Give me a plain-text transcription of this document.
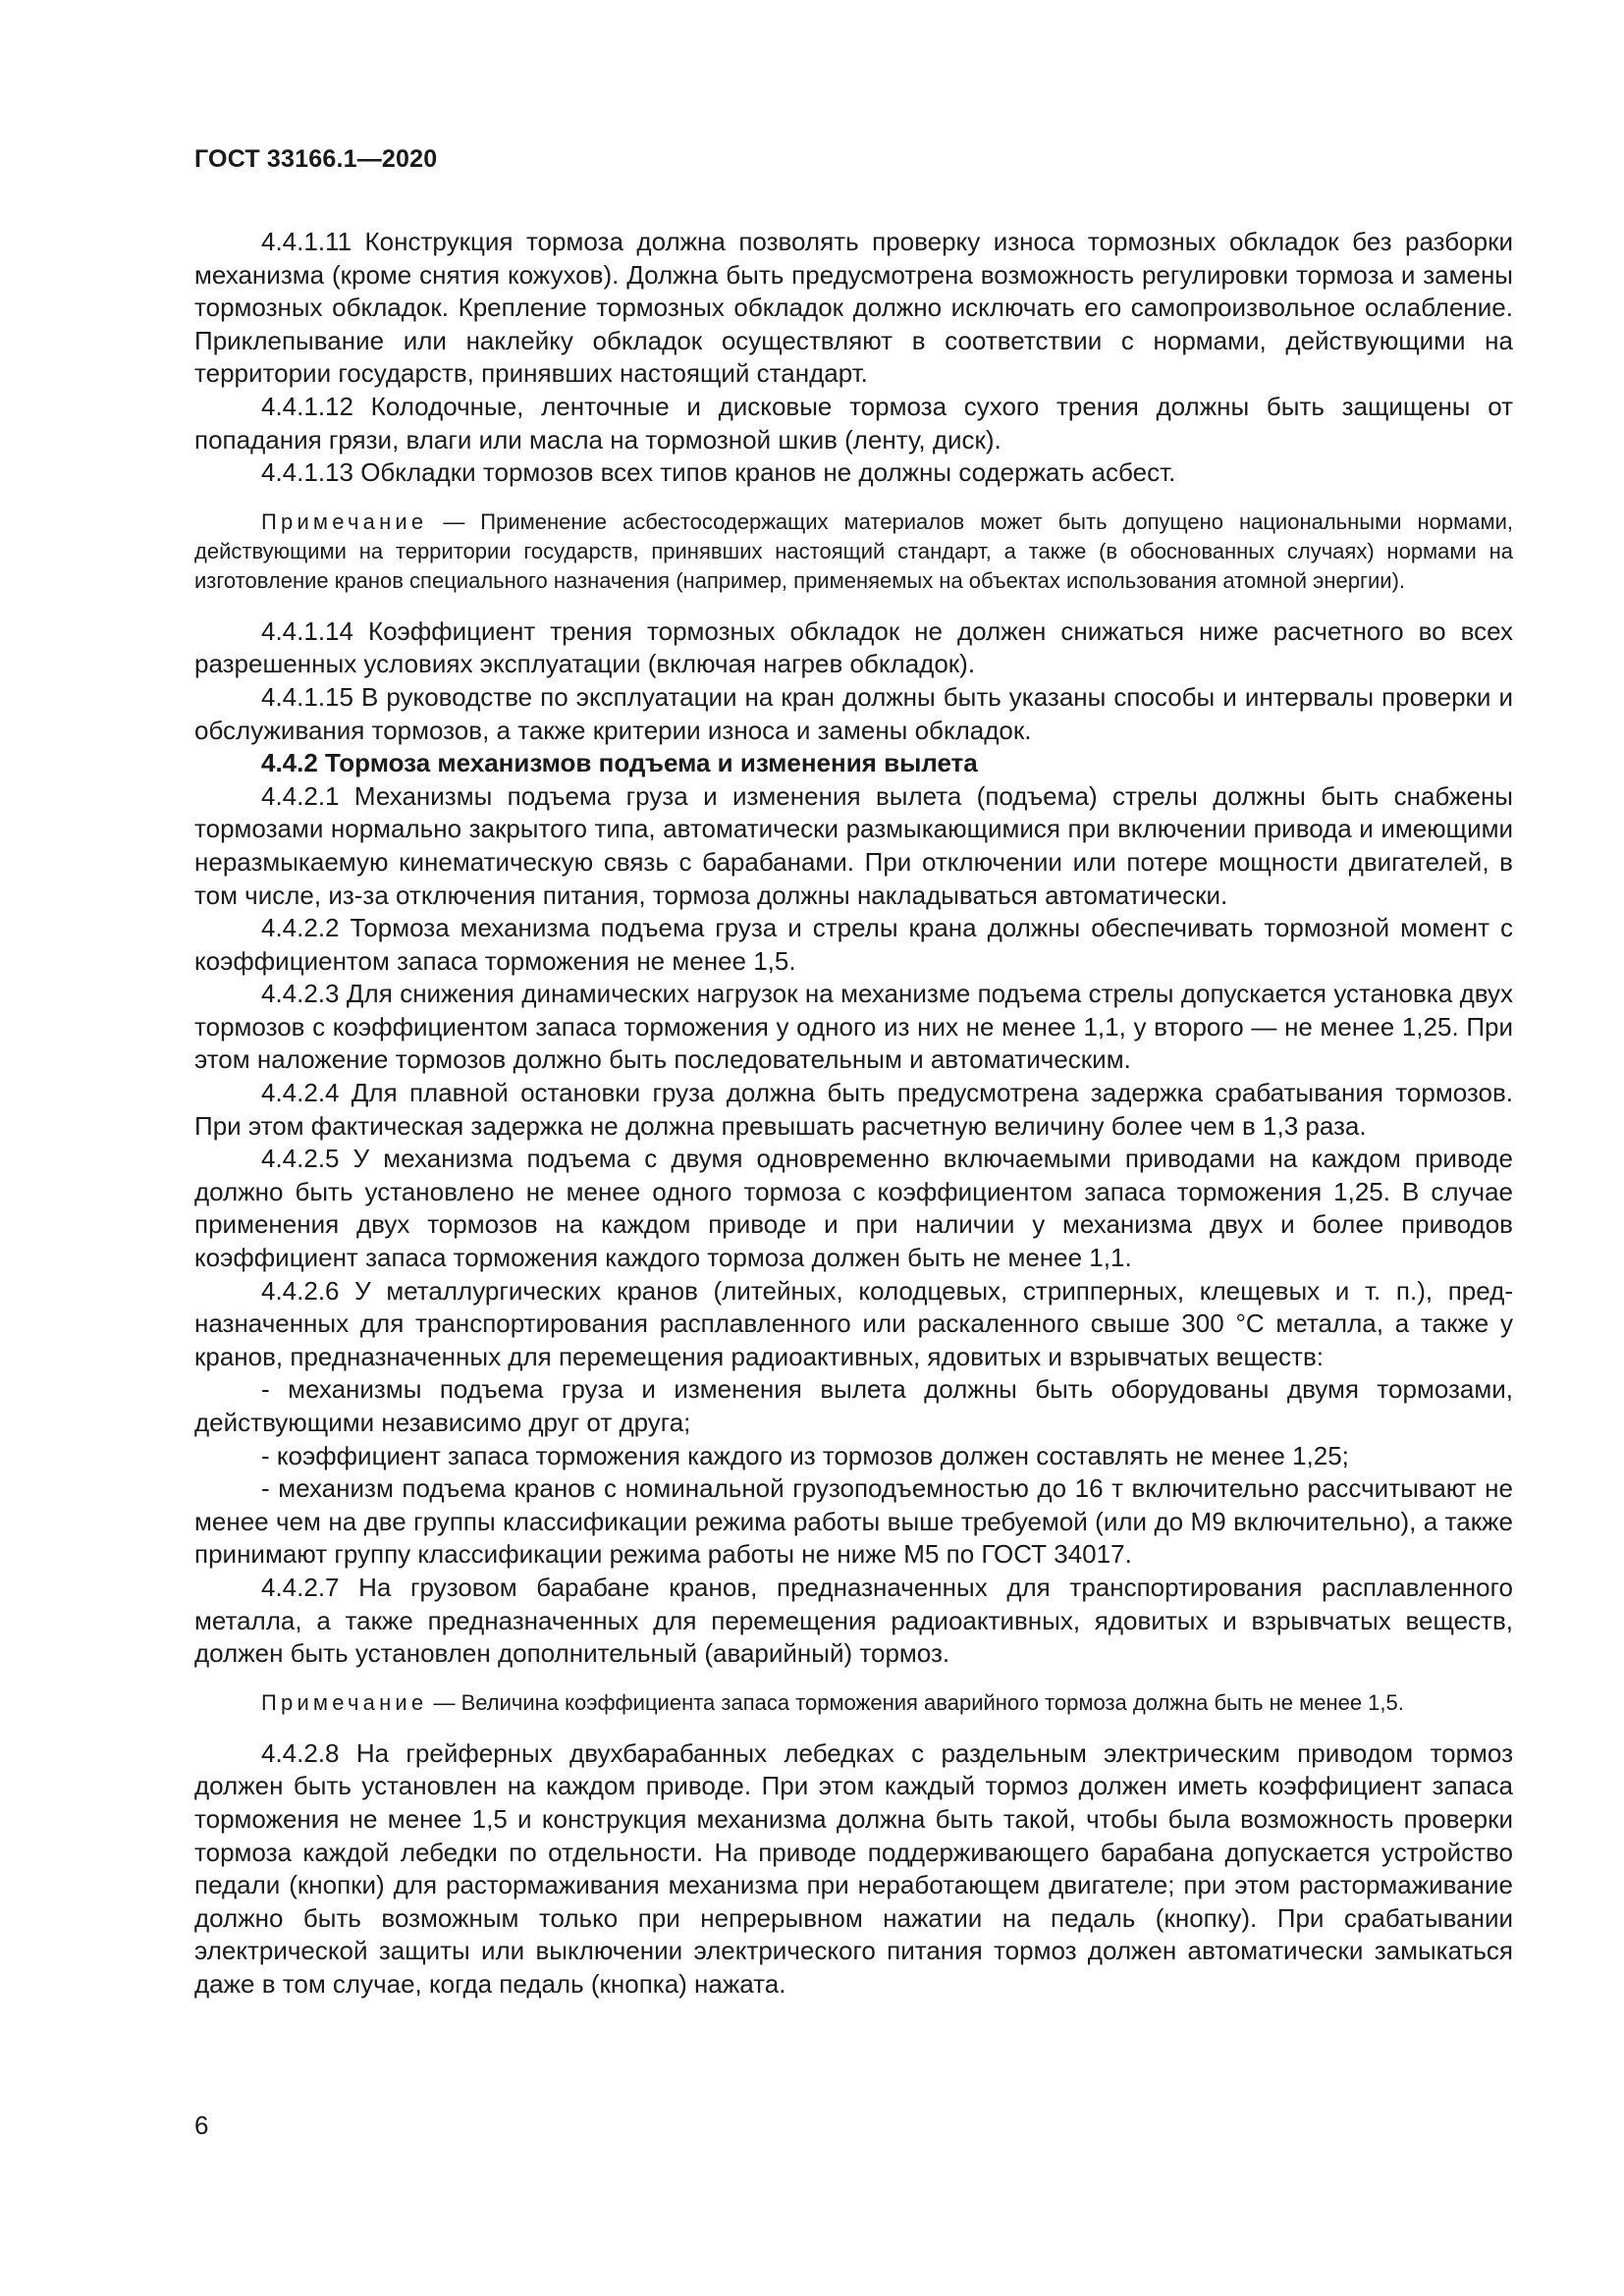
ГОСТ 33166.1—2020

4.4.1.11 Конструкция тормоза должна позволять проверку износа тормозных обкладок без разборки механизма (кроме снятия кожухов). Должна быть предусмотрена возможность регулировки тормоза и замены тормозных обкладок. Крепление тормозных обкладок должно исключать его самопроизвольное ослабление. Приклепывание или наклейку обкладок осуществляют в соответствии с нормами, действующими на территории государств, принявших настоящий стандарт.

4.4.1.12 Колодочные, ленточные и дисковые тормоза сухого трения должны быть защищены от попадания грязи, влаги или масла на тормозной шкив (ленту, диск).

4.4.1.13 Обкладки тормозов всех типов кранов не должны содержать асбест.

Примечание — Применение асбестосодержащих материалов может быть допущено национальными нормами, действующими на территории государств, принявших настоящий стандарт, а также (в обоснованных случаях) нормами на изготовление кранов специального назначения (например, применяемых на объектах использования атомной энергии).

4.4.1.14 Коэффициент трения тормозных обкладок не должен снижаться ниже расчетного во всех разрешенных условиях эксплуатации (включая нагрев обкладок).

4.4.1.15 В руководстве по эксплуатации на кран должны быть указаны способы и интервалы проверки и обслуживания тормозов, а также критерии износа и замены обкладок.

4.4.2 Тормоза механизмов подъема и изменения вылета

4.4.2.1 Механизмы подъема груза и изменения вылета (подъема) стрелы должны быть снабжены тормозами нормально закрытого типа, автоматически размыкающимися при включении привода и имеющими неразмыкаемую кинематическую связь с барабанами. При отключении или потере мощности двигателей, в том числе, из-за отключения питания, тормоза должны накладываться автоматически.

4.4.2.2 Тормоза механизма подъема груза и стрелы крана должны обеспечивать тормозной момент с коэффициентом запаса торможения не менее 1,5.

4.4.2.3 Для снижения динамических нагрузок на механизме подъема стрелы допускается установка двух тормозов с коэффициентом запаса торможения у одного из них не менее 1,1, у второго — не менее 1,25. При этом наложение тормозов должно быть последовательным и автоматическим.

4.4.2.4 Для плавной остановки груза должна быть предусмотрена задержка срабатывания тормозов. При этом фактическая задержка не должна превышать расчетную величину более чем в 1,3 раза.

4.4.2.5 У механизма подъема с двумя одновременно включаемыми приводами на каждом приводе должно быть установлено не менее одного тормоза с коэффициентом запаса торможения 1,25. В случае применения двух тормозов на каждом приводе и при наличии у механизма двух и более приводов коэффициент запаса торможения каждого тормоза должен быть не менее 1,1.

4.4.2.6 У металлургических кранов (литейных, колодцевых, стрипперных, клещевых и т. п.), предназначенных для транспортирования расплавленного или раскаленного свыше 300 °С металла, а также у кранов, предназначенных для перемещения радиоактивных, ядовитых и взрывчатых веществ:

- механизмы подъема груза и изменения вылета должны быть оборудованы двумя тормозами, действующими независимо друг от друга;

- коэффициент запаса торможения каждого из тормозов должен составлять не менее 1,25;

- механизм подъема кранов с номинальной грузоподъемностью до 16 т включительно рассчитывают не менее чем на две группы классификации режима работы выше требуемой (или до М9 включительно), а также принимают группу классификации режима работы не ниже М5 по ГОСТ 34017.

4.4.2.7 На грузовом барабане кранов, предназначенных для транспортирования расплавленного металла, а также предназначенных для перемещения радиоактивных, ядовитых и взрывчатых веществ, должен быть установлен дополнительный (аварийный) тормоз.

Примечание — Величина коэффициента запаса торможения аварийного тормоза должна быть не менее 1,5.

4.4.2.8 На грейферных двухбарабанных лебедках с раздельным электрическим приводом тормоз должен быть установлен на каждом приводе. При этом каждый тормоз должен иметь коэффициент запаса торможения не менее 1,5 и конструкция механизма должна быть такой, чтобы была возможность проверки тормоза каждой лебедки по отдельности. На приводе поддерживающего барабана допускается устройство педали (кнопки) для растормаживания механизма при неработающем двигателе; при этом растормаживание должно быть возможным только при непрерывном нажатии на педаль (кнопку). При срабатывании электрической защиты или выключении электрического питания тормоз должен автоматически замыкаться даже в том случае, когда педаль (кнопка) нажата.

6
